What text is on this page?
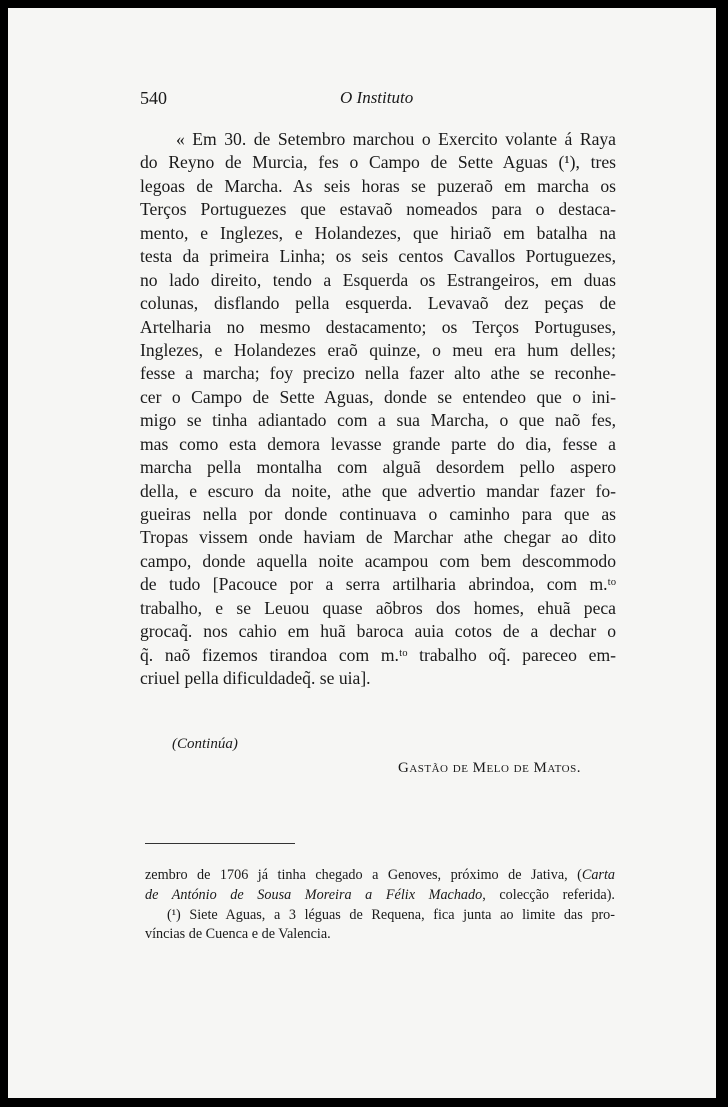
540	O Instituto
« Em 30. de Setembro marchou o Exercito volante á Raya
do Reyno de Murcia, fes o Campo de Sette Aguas (¹), tres
legoas de Marcha. As seis horas se puzeraõ em marcha os
Terços Portuguezes que estavaõ nomeados para o destaca-
mento, e Inglezes, e Holandezes, que hiriaõ em batalha na
testa da primeira Linha; os seis centos Cavallos Portuguezes,
no lado direito, tendo a Esquerda os Estrangeiros, em duas
colunas, disflando pella esquerda. Levavaõ dez peças de
Artelharia no mesmo destacamento; os Terços Portuguses,
Inglezes, e Holandezes eraõ quinze, o meu era hum delles;
fesse a marcha; foy precizo nella fazer alto athe se reconhe-
cer o Campo de Sette Aguas, donde se entendeo que o ini-
migo se tinha adiantado com a sua Marcha, o que naõ fes,
mas como esta demora levasse grande parte do dia, fesse a
marcha pella montalha com alguã desordem pello aspero
della, e escuro da noite, athe que advertio mandar fazer fo-
gueiras nella por donde continuava o caminho para que as
Tropas vissem onde haviam de Marchar athe chegar ao dito
campo, donde aquella noite acampou com bem descommodo
de tudo [Pacouce por a serra artilharia abrindoa, com m.ᵗᵒ
trabalho, e se Leuou quase aõbros dos homes, ehuã peca
grocaq̃. nos cahio em huã baroca auia cotos de a dechar o
q̃. naõ fizemos tirandoa com m.ᵗᵒ trabalho oq̃. pareceo em-
criuel pella dificuldadeq̃. se uia].
(Continúa)
Gastão de Melo de Matos.
zembro de 1706 já tinha chegado a Genoves, próximo de Jativa, (Carta
de António de Sousa Moreira a Félix Machado, colecção referida).
(¹) Siete Aguas, a 3 léguas de Requena, fica junta ao limite das pro-
víncias de Cuenca e de Valencia.
